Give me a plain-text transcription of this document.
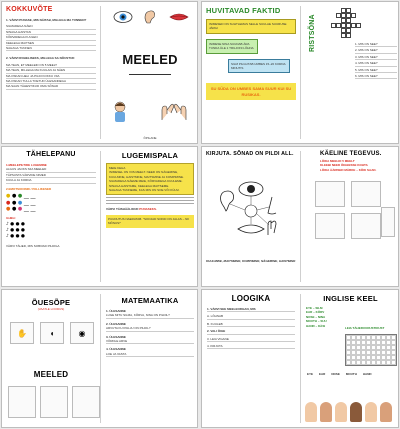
KOKKUVÕTE
1. VÄRVI PUNASE, MIS NÄITAB, MILLEGA MA TUNNEN?
SILMADEGA NÄEN
NINAGA HAISTAN
KÕRVADEGA KUULEN
KEELEGA MAITSEN
NAHAGA TUNNEN
2. VÄRVI ROHELISEKS, MILLEGA SA NÕUSTUD
MA TEAN, ET MEELEID ON 5 MEELT
MA TEAN, MILLEGA MA KUULAN JA NÄEN
MA OSKAN HELI JA PILDI KOKKU VIIA
MA OSKAN TULLA TOETUD ÜLESANDEGA
MA SAAN TÄHESTIKUD OMA SÕNAD
MEELED
ÕPILANE
HUVITAVAD FAKTID
INIMESED ON SUHTLEMAS SELLE SUULAE SUURUSE JÄRGI
INIMESE NINA SUUDAB ÄRA TUNDA ÜLE 1 TRILJONI LÕHNA
SILM PILGUTAB UMBES 15–20 KORDA MINUTIS
SU SÜDA ON UMBES SAMA SUUR KUI SU RUSIKAS.
RISTSÕNA	1. MIS ON SEE?
2. MIS ON SEE?
3. MIS ON SEE?
4. MIS ON SEE?
5. MIS ON SEE?
6. MIS ON SEE?
TÄHELEPANU
1.MEELEPILTIDE LUGEMINE
ALGUS JAOKS SIIA MEELED
TÄPSUSTA VÄRVIDE NIMED
KUULA JA KORDA
2.EMOTSIOONID / PALLIKESED
● ● ● __ __
● ● ● __ __
● ● ● __ __
3.HELI
♪ ● ● ●
♪ ● ● ●
♪ ● ● ●
VÄRVI TÄHED, MIS SOBIVAD PILDIGA
LUGEMISPALA
MEIE KEHA
INIMESEL ON VIIS MEELT. NEED ON NÄGEMINE, KUULMINE, HAISTMINE, MAITSMINE JA KOMPIMINE.
SILMADEGA NÄEME MEIE, KÕRVADEGA KUULEME.
NINAGA HAISTAME, KEELEGA MAITSEME.
NAHAGA TUNNEME, KAS MIS ON SOE VÕI KÜLM.
VÄRVI TÄISHÄÄLIKUD PUNASEKS.
PUUDUTUS NAERATAB. "SOOJAD SOKID ON JALAS – NII MÕNUS!"
KIRJUTA. SÕNAD ON PILDI ALL.
KUULMINE, MAITSMINE, KOMPIMINE, NÄGEMINE, HAISTMINE
KÄELINE TEGEVUS.
LÕIKA MEELID 5 MEELT
KLEEBI NEED ÕIGEESSE KOHTA
LÕIKA ÄÄRISED MÄRKE – KÕIK SAAD.
ÕUESÕPE
(VAATLE LOODUS)
✋	◖	◉
MEELED
MATEMAATIKA
1. ÜLESANNE
LUGE MITU SILMA, KÕRVA, NINA ON PILDIL?
2. ÜLESANNE
ARVUTA KUI PALJU ON PILDIL?
3. ÜLESANNE
VÕRDLE ARVE
4. ÜLESANNE
LOE JA VASTA
LOOGIKA
1. VÄRVI SEE MEELEORGAN, MIS
A. LÕHNAB
B. KUULEB
2. VALI ÕIGE
3. LEIA VIGANE
4. KIRJUTA
INGLISE KEEL
EYE – SILM
EAR – KÕRV
NOSE – NINA
MOUTH – SUU
HAND – KÄSI
LEIA TÄHERUUDUSTIKUST
EYE EAR NOSE MOUTH HAND
